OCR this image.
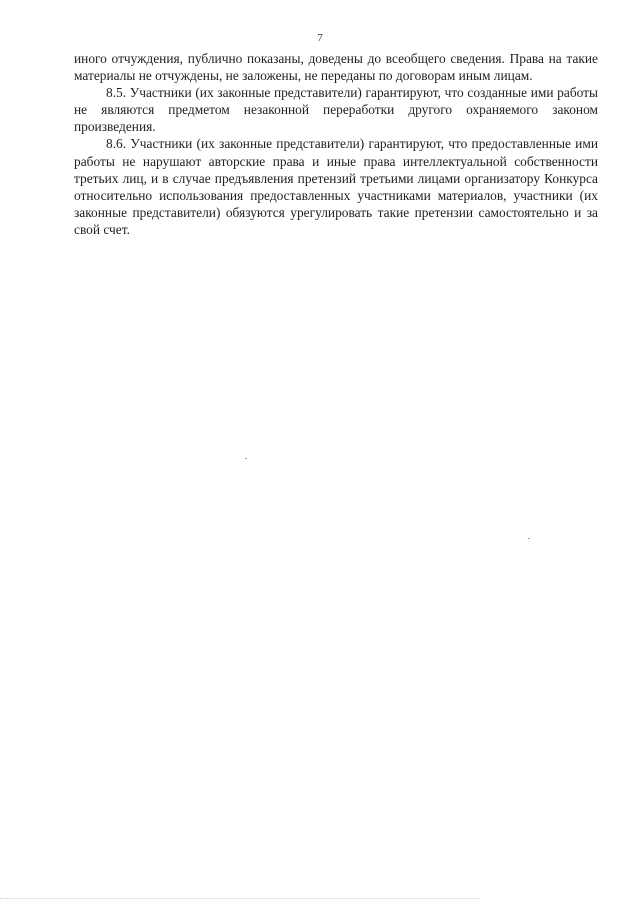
7

иного отчуждения, публично показаны, доведены до всеобщего сведения. Права на такие материалы не отчуждены, не заложены, не переданы по договорам иным лицам.

8.5. Участники (их законные представители) гарантируют, что созданные ими работы не являются предметом незаконной переработки другого охраняемого законом произведения.

8.6. Участники (их законные представители) гарантируют, что предоставленные ими работы не нарушают авторские права и иные права интеллектуальной собственности третьих лиц, и в случае предъявления претензий третьими лицами организатору Конкурса относительно использования предоставленных участниками материалов, участники (их законные представители) обязуются урегулировать такие претензии самостоятельно и за свой счет.
